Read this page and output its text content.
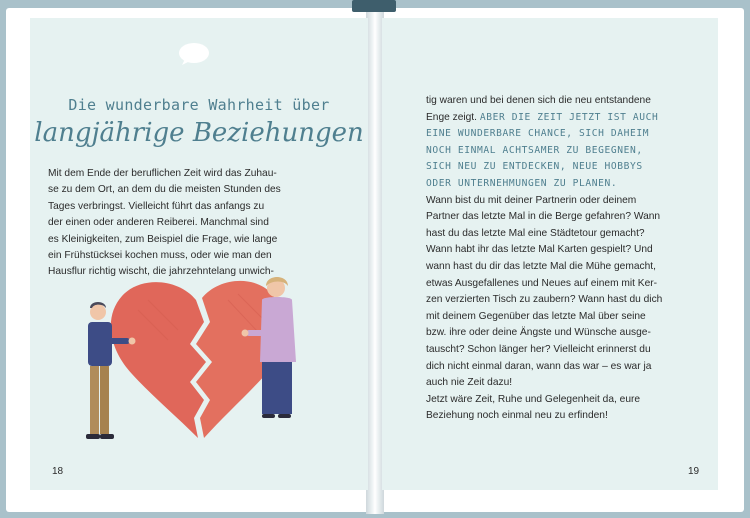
Die wunderbare Wahrheit über
langjährige Beziehungen
Mit dem Ende der beruflichen Zeit wird das Zuhau-
se zu dem Ort, an dem du die meisten Stunden des
Tages verbringst. Vielleicht führt das anfangs zu
der einen oder anderen Reiberei. Manchmal sind
es Kleinigkeiten, zum Beispiel die Frage, wie lange
ein Frühstücksei kochen muss, oder wie man den
Hausflur richtig wischt, die jahrzehntelang unwich-
tig waren und bei denen sich die neu entstandene
Enge zeigt. ABER DIE ZEIT JETZT IST AUCH
EINE WUNDERBARE CHANCE, SICH DAHEIM
NOCH EINMAL ACHTSAMER ZU BEGEGNEN,
SICH NEU ZU ENTDECKEN, NEUE HOBBYS
ODER UNTERNEHMUNGEN ZU PLANEN.
Wann bist du mit deiner Partnerin oder deinem
Partner das letzte Mal in die Berge gefahren? Wann
hast du das letzte Mal eine Städtetour gemacht?
Wann habt ihr das letzte Mal Karten gespielt? Und
wann hast du dir das letzte Mal die Mühe gemacht,
etwas Ausgefallenes und Neues auf einem mit Ker-
zen verzierten Tisch zu zaubern? Wann hast du dich
mit deinem Gegenüber das letzte Mal über seine
bzw. ihre oder deine Ängste und Wünsche ausge-
tauscht? Schon länger her? Vielleicht erinnerst du
dich nicht einmal daran, wann das war – es war ja
auch nie Zeit dazu!
Jetzt wäre Zeit, Ruhe und Gelegenheit da, eure
Beziehung noch einmal neu zu erfinden!
18	19
